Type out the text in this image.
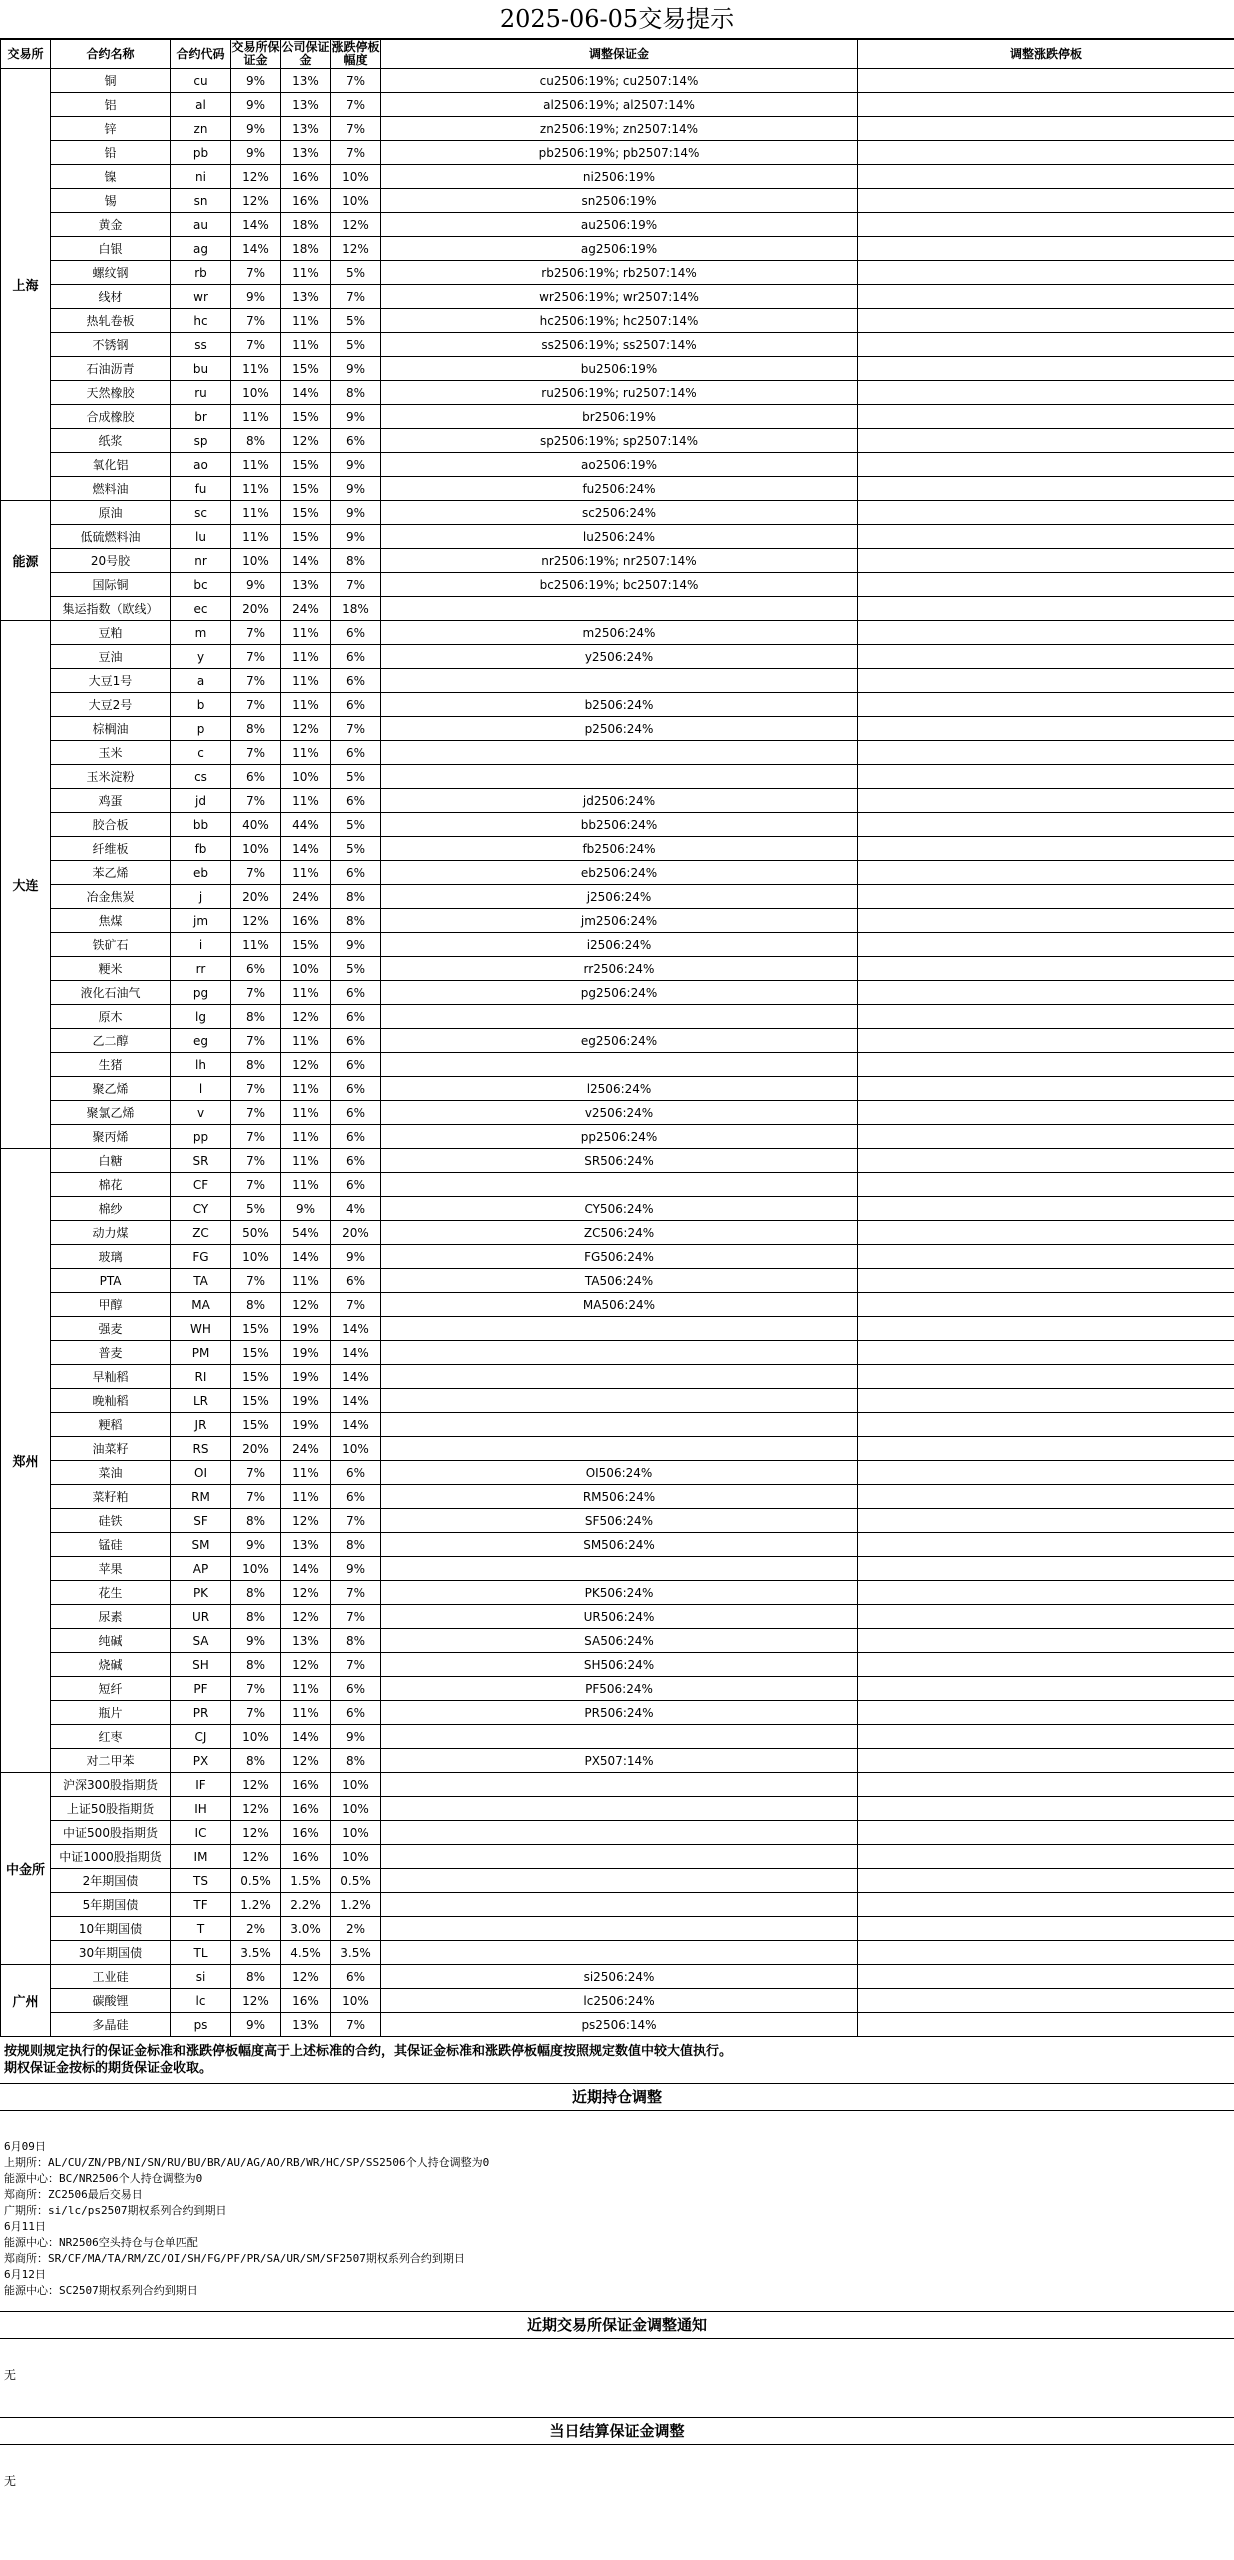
2025-06-05交易提示
交易所	合约名称	合约代码	交易所保证金	公司保证金	涨跌停板幅度	调整保证金	调整涨跌停板
上海	铜	cu	9%	13%	7%	cu2506:19%; cu2507:14%	
	铝	al	9%	13%	7%	al2506:19%; al2507:14%	
	锌	zn	9%	13%	7%	zn2506:19%; zn2507:14%	
	铅	pb	9%	13%	7%	pb2506:19%; pb2507:14%	
	镍	ni	12%	16%	10%	ni2506:19%	
	锡	sn	12%	16%	10%	sn2506:19%	
	黄金	au	14%	18%	12%	au2506:19%	
	白银	ag	14%	18%	12%	ag2506:19%	
	螺纹钢	rb	7%	11%	5%	rb2506:19%; rb2507:14%	
	线材	wr	9%	13%	7%	wr2506:19%; wr2507:14%	
	热轧卷板	hc	7%	11%	5%	hc2506:19%; hc2507:14%	
	不锈钢	ss	7%	11%	5%	ss2506:19%; ss2507:14%	
	石油沥青	bu	11%	15%	9%	bu2506:19%	
	天然橡胶	ru	10%	14%	8%	ru2506:19%; ru2507:14%	
	合成橡胶	br	11%	15%	9%	br2506:19%	
	纸浆	sp	8%	12%	6%	sp2506:19%; sp2507:14%	
	氧化铝	ao	11%	15%	9%	ao2506:19%	
	燃料油	fu	11%	15%	9%	fu2506:24%	
能源	原油	sc	11%	15%	9%	sc2506:24%	
	低硫燃料油	lu	11%	15%	9%	lu2506:24%	
	20号胶	nr	10%	14%	8%	nr2506:19%; nr2507:14%	
	国际铜	bc	9%	13%	7%	bc2506:19%; bc2507:14%	
	集运指数（欧线）	ec	20%	24%	18%		
大连	豆粕	m	7%	11%	6%	m2506:24%	
	豆油	y	7%	11%	6%	y2506:24%	
	大豆1号	a	7%	11%	6%		
	大豆2号	b	7%	11%	6%	b2506:24%	
	棕榈油	p	8%	12%	7%	p2506:24%	
	玉米	c	7%	11%	6%		
	玉米淀粉	cs	6%	10%	5%		
	鸡蛋	jd	7%	11%	6%	jd2506:24%	
	胶合板	bb	40%	44%	5%	bb2506:24%	
	纤维板	fb	10%	14%	5%	fb2506:24%	
	苯乙烯	eb	7%	11%	6%	eb2506:24%	
	冶金焦炭	j	20%	24%	8%	j2506:24%	
	焦煤	jm	12%	16%	8%	jm2506:24%	
	铁矿石	i	11%	15%	9%	i2506:24%	
	粳米	rr	6%	10%	5%	rr2506:24%	
	液化石油气	pg	7%	11%	6%	pg2506:24%	
	原木	lg	8%	12%	6%		
	乙二醇	eg	7%	11%	6%	eg2506:24%	
	生猪	lh	8%	12%	6%		
	聚乙烯	l	7%	11%	6%	l2506:24%	
	聚氯乙烯	v	7%	11%	6%	v2506:24%	
	聚丙烯	pp	7%	11%	6%	pp2506:24%	
郑州	白糖	SR	7%	11%	6%	SR506:24%	
	棉花	CF	7%	11%	6%		
	棉纱	CY	5%	9%	4%	CY506:24%	
	动力煤	ZC	50%	54%	20%	ZC506:24%	
	玻璃	FG	10%	14%	9%	FG506:24%	
	PTA	TA	7%	11%	6%	TA506:24%	
	甲醇	MA	8%	12%	7%	MA506:24%	
	强麦	WH	15%	19%	14%		
	普麦	PM	15%	19%	14%		
	早籼稻	RI	15%	19%	14%		
	晚籼稻	LR	15%	19%	14%		
	粳稻	JR	15%	19%	14%		
	油菜籽	RS	20%	24%	10%		
	菜油	OI	7%	11%	6%	OI506:24%	
	菜籽粕	RM	7%	11%	6%	RM506:24%	
	硅铁	SF	8%	12%	7%	SF506:24%	
	锰硅	SM	9%	13%	8%	SM506:24%	
	苹果	AP	10%	14%	9%		
	花生	PK	8%	12%	7%	PK506:24%	
	尿素	UR	8%	12%	7%	UR506:24%	
	纯碱	SA	9%	13%	8%	SA506:24%	
	烧碱	SH	8%	12%	7%	SH506:24%	
	短纤	PF	7%	11%	6%	PF506:24%	
	瓶片	PR	7%	11%	6%	PR506:24%	
	红枣	CJ	10%	14%	9%		
	对二甲苯	PX	8%	12%	8%	PX507:14%	
中金所	沪深300股指期货	IF	12%	16%	10%		
	上证50股指期货	IH	12%	16%	10%		
	中证500股指期货	IC	12%	16%	10%		
	中证1000股指期货	IM	12%	16%	10%		
	2年期国债	TS	0.5%	1.5%	0.5%		
	5年期国债	TF	1.2%	2.2%	1.2%		
	10年期国债	T	2%	3.0%	2%		
	30年期国债	TL	3.5%	4.5%	3.5%		
广州	工业硅	si	8%	12%	6%	si2506:24%	
	碳酸锂	lc	12%	16%	10%	lc2506:24%	
	多晶硅	ps	9%	13%	7%	ps2506:14%	
按规则规定执行的保证金标准和涨跌停板幅度高于上述标准的合约，其保证金标准和涨跌停板幅度按照规定数值中较大值执行。
期权保证金按标的期货保证金收取。
近期持仓调整
6月09日
上期所：AL/CU/ZN/PB/NI/SN/RU/BU/BR/AU/AG/AO/RB/WR/HC/SP/SS2506个人持仓调整为0
能源中心：BC/NR2506个人持仓调整为0
郑商所：ZC2506最后交易日
广期所：si/lc/ps2507期权系列合约到期日
6月11日
能源中心：NR2506空头持仓与仓单匹配
郑商所：SR/CF/MA/TA/RM/ZC/OI/SH/FG/PF/PR/SA/UR/SM/SF2507期权系列合约到期日
6月12日
能源中心：SC2507期权系列合约到期日
近期交易所保证金调整通知
无
当日结算保证金调整
无
